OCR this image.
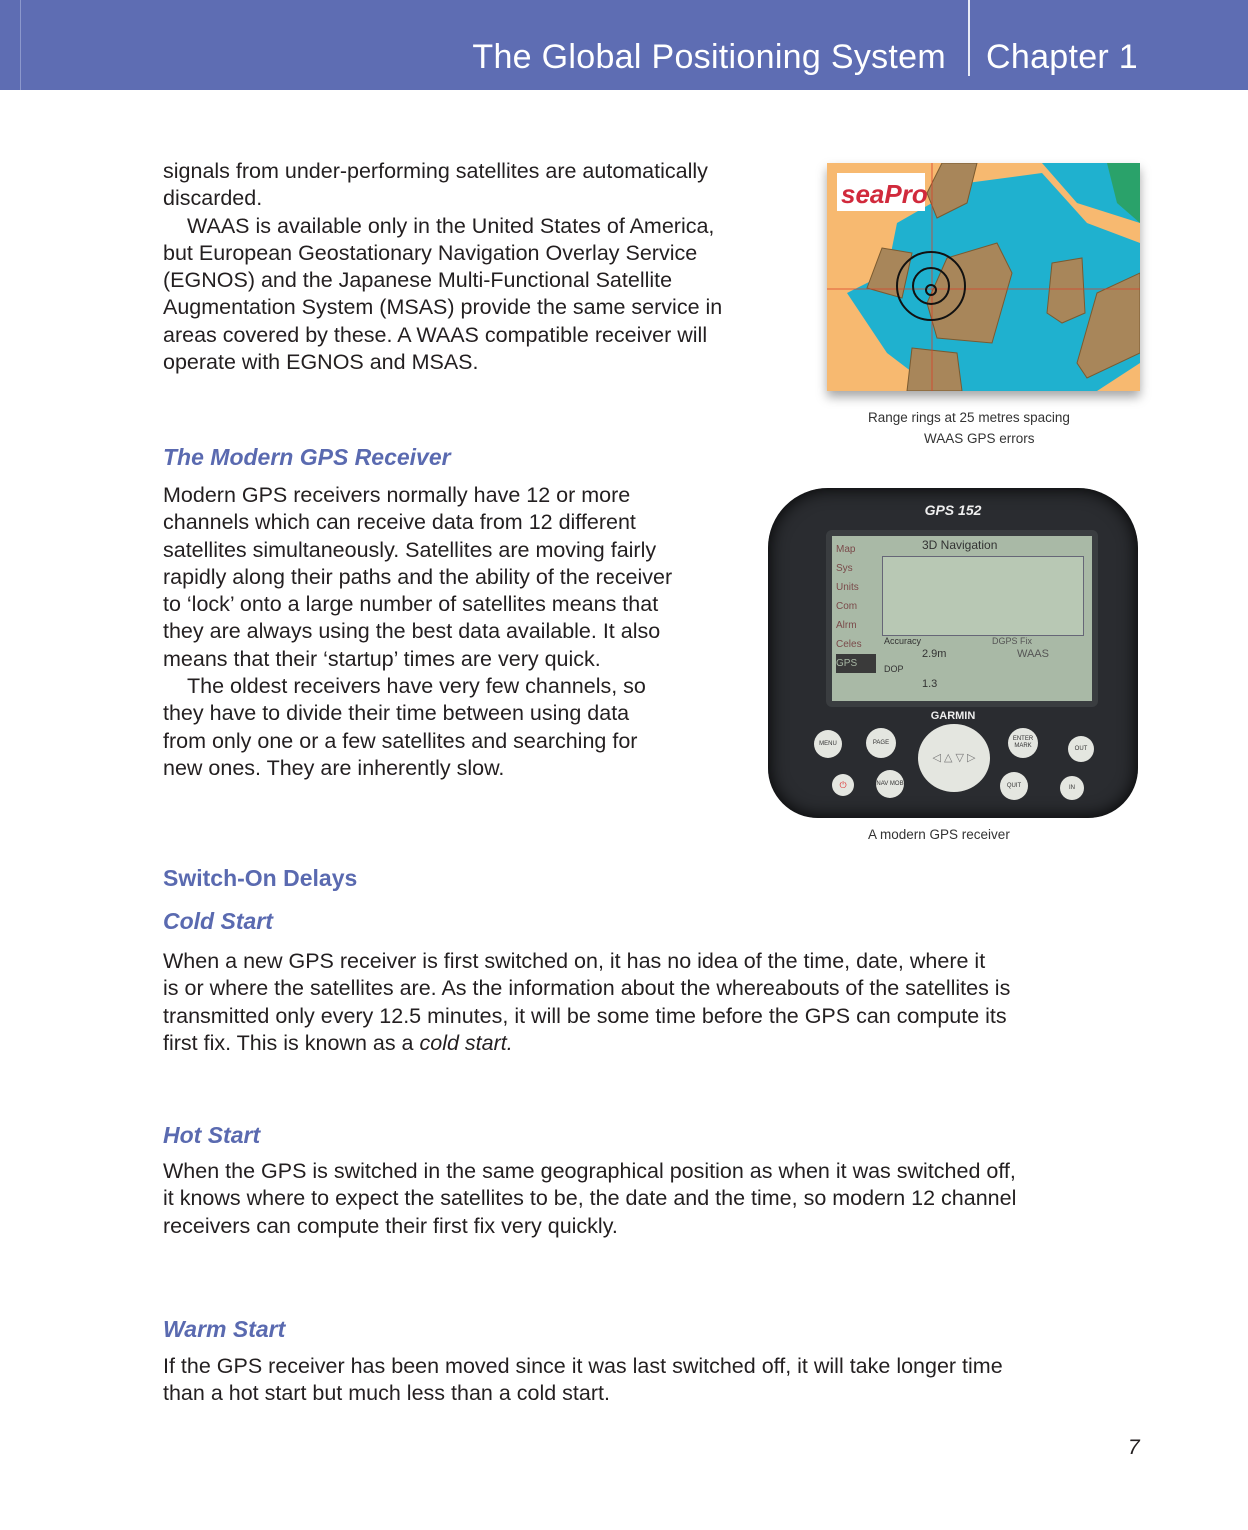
The Global Positioning System Chapter 1
signals from under-performing satellites are automatically
discarded.
WAAS is available only in the United States of America,
but European Geostationary Navigation Overlay Service
(EGNOS) and the Japanese Multi-Functional Satellite
Augmentation System (MSAS) provide the same service in
areas covered by these. A WAAS compatible receiver will
operate with EGNOS and MSAS.
seaPro
Range rings at 25 metres spacing
WAAS GPS errors
The Modern GPS Receiver
Modern GPS receivers normally have 12 or more
channels which can receive data from 12 different
satellites simultaneously. Satellites are moving fairly
rapidly along their paths and the ability of the receiver
to ‘lock’ onto a large number of satellites means that
they are always using the best data available. It also
means that their ‘startup’ times are very quick.
The oldest receivers have very few channels, so
they have to divide their time between using data
from only one or a few satellites and searching for
new ones. They are inherently slow.
GPS 152
Map
Sys
Units
Com
Alrm
Celes
GPS
3D Navigation
Accuracy
2.9m
DGPS Fix
WAAS
DOP
1.3
GARMIN
MENU	PAGE
◁ △ ▽ ▷
ENTER MARK	OUT
⏻	NAV MOB	QUIT	IN
A modern GPS receiver
Switch-On Delays
Cold Start
When a new GPS receiver is first switched on, it has no idea of the time, date, where it
is or where the satellites are. As the information about the whereabouts of the satellites is
transmitted only every 12.5 minutes, it will be some time before the GPS can compute its
first fix. This is known as a cold start.
Hot Start
When the GPS is switched in the same geographical position as when it was switched off,
it knows where to expect the satellites to be, the date and the time, so modern 12 channel
receivers can compute their first fix very quickly.
Warm Start
If the GPS receiver has been moved since it was last switched off, it will take longer time
than a hot start but much less than a cold start.
7
